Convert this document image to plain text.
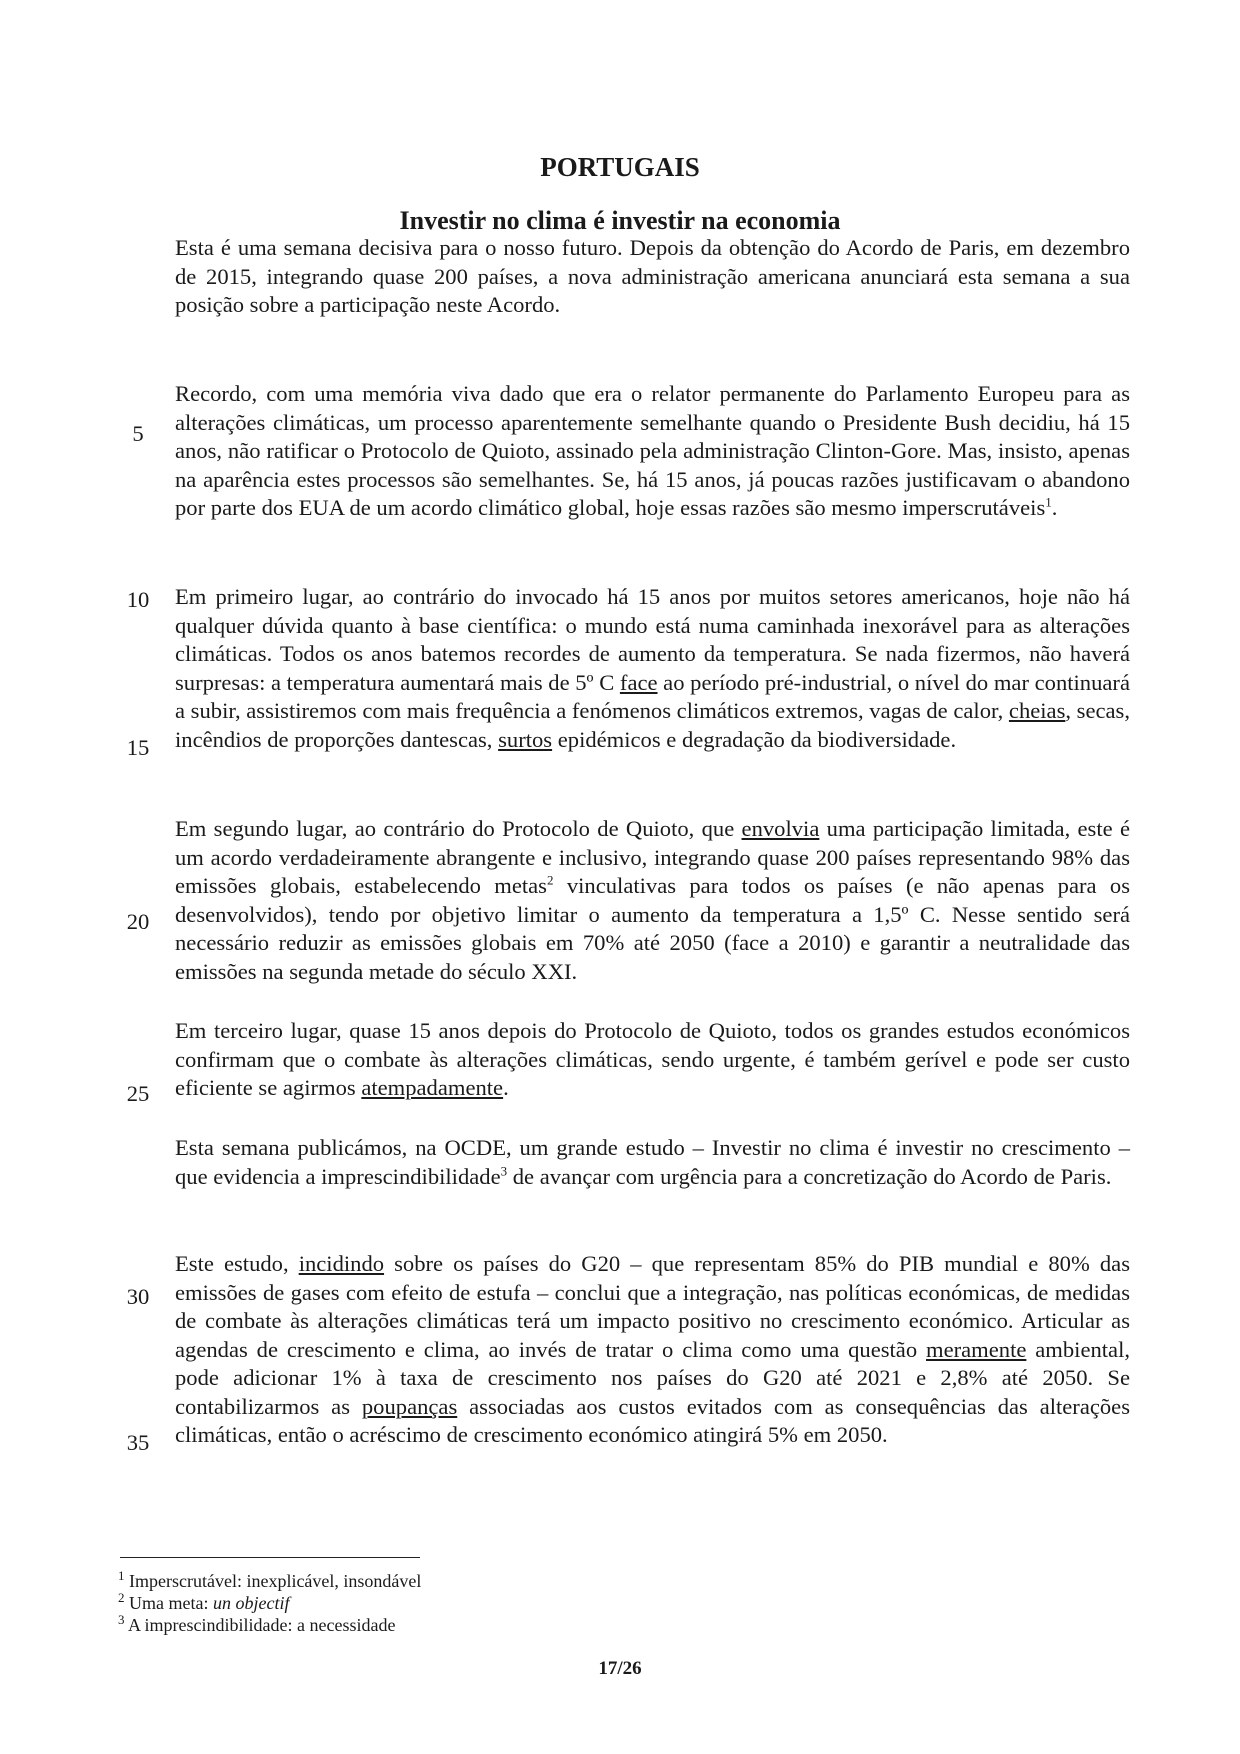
PORTUGAIS
Investir no clima é investir na economia

Esta é uma semana decisiva para o nosso futuro. Depois da obtenção do Acordo de Paris, em dezembro de 2015, integrando quase 200 países, a nova administração americana anunciará esta semana a sua posição sobre a participação neste Acordo.

Recordo, com uma memória viva dado que era o relator permanente do Parlamento Europeu para as alterações climáticas, um processo aparentemente semelhante quando o Presidente Bush decidiu, há 15 anos, não ratificar o Protocolo de Quioto, assinado pela administração Clinton-Gore. Mas, insisto, apenas na aparência estes processos são semelhantes. Se, há 15 anos, já poucas razões justificavam o abandono por parte dos EUA de um acordo climático global, hoje essas razões são mesmo imperscrutáveis$^1$.

Em primeiro lugar, ao contrário do invocado há 15 anos por muitos setores americanos, hoje não há qualquer dúvida quanto à base científica: o mundo está numa caminhada inexorável para as alterações climáticas. Todos os anos batemos recordes de aumento da temperatura. Se nada fizermos, não haverá surpresas: a temperatura aumentará mais de 5º C face ao período pré-industrial, o nível do mar continuará a subir, assistiremos com mais frequência a fenómenos climáticos extremos, vagas de calor, cheias, secas, incêndios de proporções dantescas, surtos epidémicos e degradação da biodiversidade.

Em segundo lugar, ao contrário do Protocolo de Quioto, que envolvia uma participação limitada, este é um acordo verdadeiramente abrangente e inclusivo, integrando quase 200 países representando 98% das emissões globais, estabelecendo metas$^2$ vinculativas para todos os países (e não apenas para os desenvolvidos), tendo por objetivo limitar o aumento da temperatura a 1,5º C. Nesse sentido será necessário reduzir as emissões globais em 70% até 2050 (face a 2010) e garantir a neutralidade das emissões na segunda metade do século XXI.

Em terceiro lugar, quase 15 anos depois do Protocolo de Quioto, todos os grandes estudos económicos confirmam que o combate às alterações climáticas, sendo urgente, é também gerível e pode ser custo eficiente se agirmos atempadamente.

Esta semana publicámos, na OCDE, um grande estudo – Investir no clima é investir no crescimento – que evidencia a imprescindibilidade$^3$ de avançar com urgência para a concretização do Acordo de Paris.

Este estudo, incidindo sobre os países do G20 – que representam 85% do PIB mundial e 80% das emissões de gases com efeito de estufa – conclui que a integração, nas políticas económicas, de medidas de combate às alterações climáticas terá um impacto positivo no crescimento económico. Articular as agendas de crescimento e clima, ao invés de tratar o clima como uma questão meramente ambiental, pode adicionar 1% à taxa de crescimento nos países do G20 até 2021 e 2,8% até 2050. Se contabilizarmos as poupanças associadas aos custos evitados com as consequências das alterações climáticas, então o acréscimo de crescimento económico atingirá 5% em 2050.

5
10
15
20
25
30
35
$^1$ Imperscrutável: inexplicável, insondável
$^2$ Uma meta: un objectif
$^3$ A imprescindibilidade: a necessidade
17/26
